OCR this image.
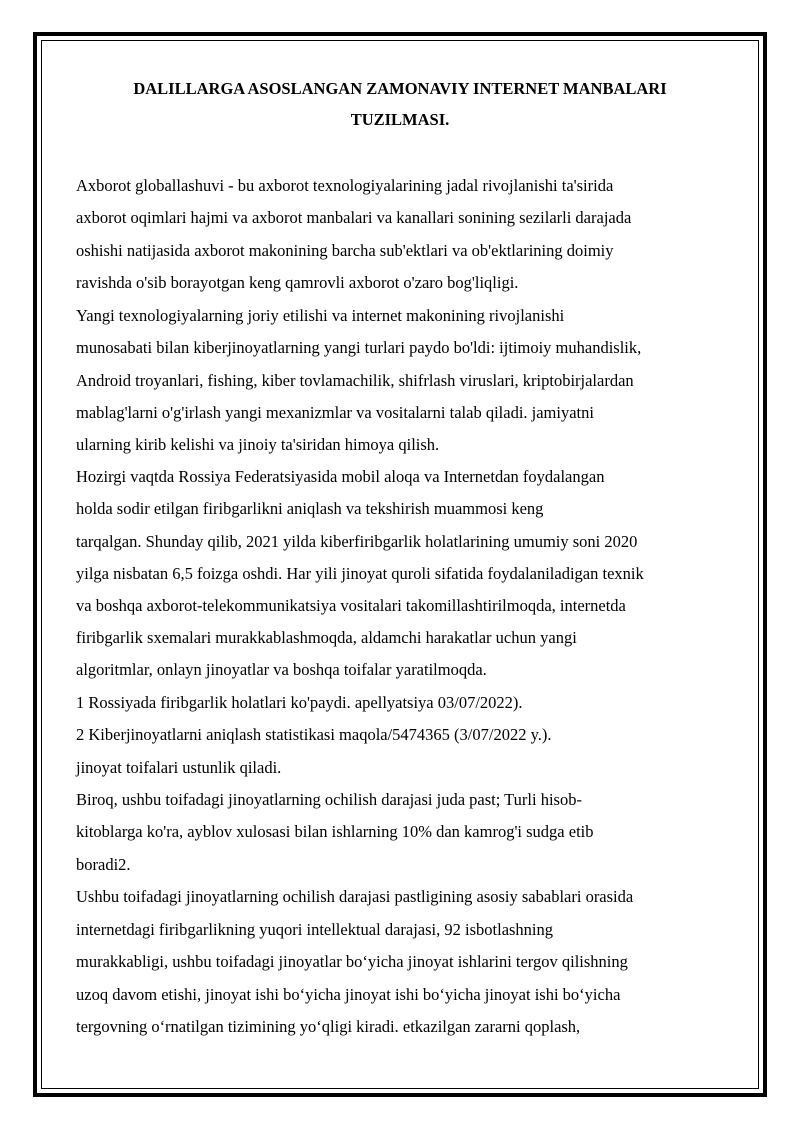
DALILLARGA ASOSLANGAN ZAMONAVIY INTERNET MANBALARI
TUZILMASI.

Axborot globallashuvi - bu axborot texnologiyalarining jadal rivojlanishi ta'sirida

axborot oqimlari hajmi va axborot manbalari va kanallari sonining sezilarli darajada

oshishi natijasida axborot makonining barcha sub'ektlari va ob'ektlarining doimiy

ravishda o'sib borayotgan keng qamrovli axborot o'zaro bog'liqligi.

Yangi texnologiyalarning joriy etilishi va internet makonining rivojlanishi

munosabati bilan kiberjinoyatlarning yangi turlari paydo bo'ldi: ijtimoiy muhandislik,

Android troyanlari, fishing, kiber tovlamachilik, shifrlash viruslari, kriptobirjalardan

mablag'larni o'g'irlash yangi mexanizmlar va vositalarni talab qiladi. jamiyatni

ularning kirib kelishi va jinoiy ta'siridan himoya qilish.

Hozirgi vaqtda Rossiya Federatsiyasida mobil aloqa va Internetdan foydalangan

holda sodir etilgan firibgarlikni aniqlash va tekshirish muammosi keng

tarqalgan. Shunday qilib, 2021 yilda kiberfiribgarlik holatlarining umumiy soni 2020

yilga nisbatan 6,5 foizga oshdi. Har yili jinoyat quroli sifatida foydalaniladigan texnik

va boshqa axborot-telekommunikatsiya vositalari takomillashtirilmoqda, internetda

firibgarlik sxemalari murakkablashmoqda, aldamchi harakatlar uchun yangi

algoritmlar, onlayn jinoyatlar va boshqa toifalar yaratilmoqda.

1 Rossiyada firibgarlik holatlari ko'paydi. apellyatsiya 03/07/2022).

2 Kiberjinoyatlarni aniqlash statistikasi maqola/5474365 (3/07/2022 y.).

jinoyat toifalari ustunlik qiladi.

Biroq, ushbu toifadagi jinoyatlarning ochilish darajasi juda past; Turli hisob-

kitoblarga ko'ra, ayblov xulosasi bilan ishlarning 10% dan kamrog'i sudga etib

boradi2.

Ushbu toifadagi jinoyatlarning ochilish darajasi pastligining asosiy sabablari orasida

internetdagi firibgarlikning yuqori intellektual darajasi, 92 isbotlashning

murakkabligi, ushbu toifadagi jinoyatlar boʻyicha jinoyat ishlarini tergov qilishning

uzoq davom etishi, jinoyat ishi boʻyicha jinoyat ishi boʻyicha jinoyat ishi boʻyicha

tergovning oʻrnatilgan tizimining yoʻqligi kiradi. etkazilgan zararni qoplash,
